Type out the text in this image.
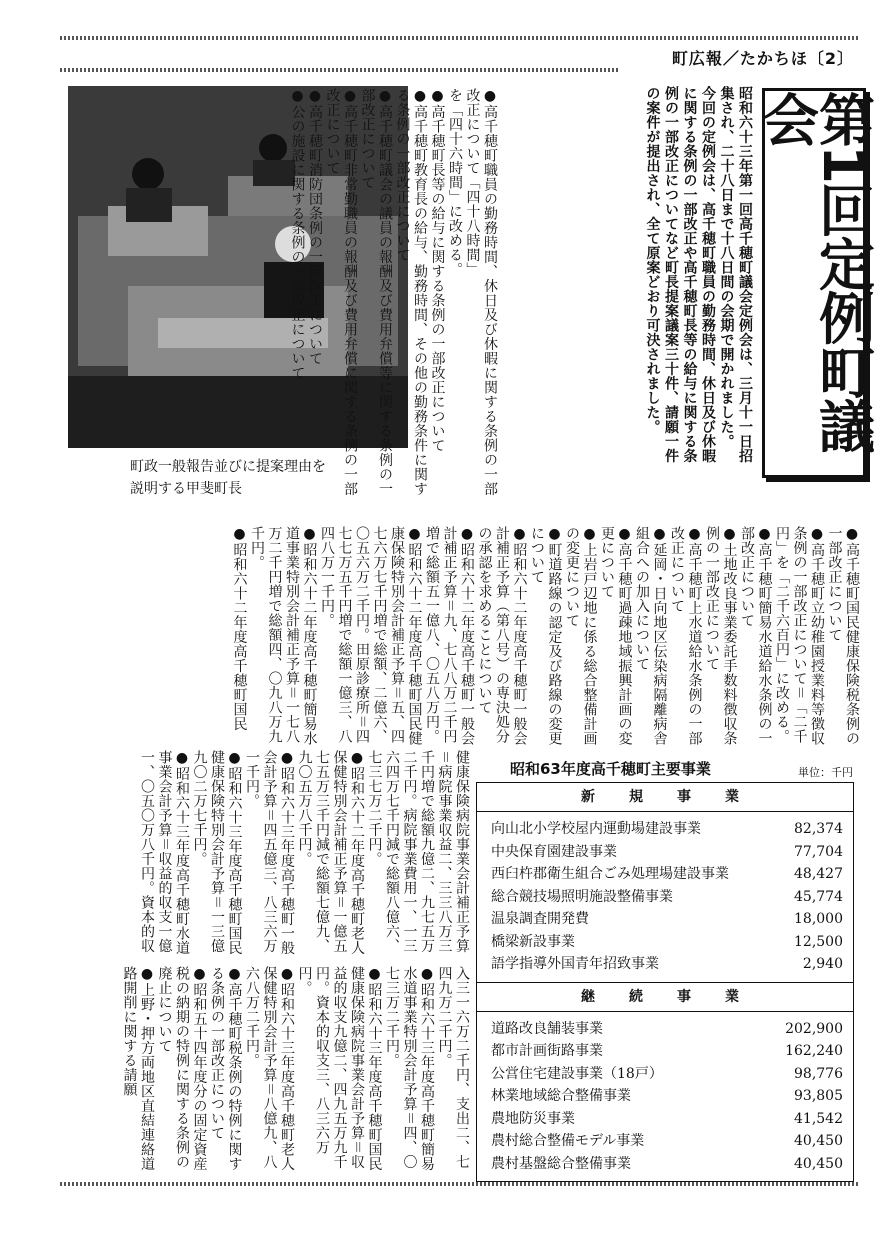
町広報／たかちほ〔2〕
第1回定例町議会
昭和六十三年第一回高千穂町議会定例会は、三月十一日招集され、二十八日まで十八日間の会期で開かれました。
今回の定例会は、高千穂町職員の勤務時間、休日及び休暇に関する条例の一部改正や高千穂町長等の給与に関する条例の一部改正についてなど町長提案議案三十件、請願一件の案件が提出され、全て原案どおり可決されました。
町政一般報告並びに提案理由を
説明する甲斐町長	●高千穂町職員の勤務時間、休日及び休暇に関する条例の一部改正について「四十八時間」
を「四十六時間」に改める。
●高千穂町長等の給与に関する条例の一部改正について
●高千穂町教育長の給与、勤務時間、その他の勤務条件に関する条例の一部改正について
●高千穂町議会の議員の報酬及び費用弁償等に関する条例の一部改正について
●高千穂町非常勤職員の報酬及び費用弁償に関する条例の一部改正について
●高千穂町消防団条例の一部改正について
●公の施設に関する条例の一部改正について
●高千穂町国民健康保険税条例の一部改正について
●高千穂町立幼稚園授業料等徴収条例の一部改正について＝「二千円」を「二千六百円」に改める。
●高千穂町簡易水道給水条例の一部改正について
●土地改良事業委託手数料徴収条例の一部改正について
●高千穂町上水道給水条例の一部改正について
●延岡・日向地区伝染病隔離病舎組合への加入について
●高千穂町過疎地域振興計画の変更について
●上岩戸辺地に係る総合整備計画の変更について
●町道路線の認定及び路線の変更について
●昭和六十二年度高千穂町一般会計補正予算（第八号）の専決処分の承認を求めることについて
●昭和六十二年度高千穂町一般会計補正予算＝九、七八八万二千円増で総額五一億八、〇五八万円。
●昭和六十二年度高千穂町国民健康保険特別会計補正予算＝五、四七六万七千円増で総額、二億六、〇五六万二千円。田原診療所＝四七七万五千円増で総額一億三、八四八万一千円。
●昭和六十二年度高千穂町簡易水道事業特別会計補正予算＝一七八万二千円増で総額四、〇九八万九千円。
●昭和六十二年度高千穂町国民
健康保険病院事業会計補正予算＝病院事業収益二、三三八万三千円増で総額九億二、九七五万二千円。病院事業費用一、一三六四万七千円減で総額八億六、七三七万二千円。
●昭和六十二年度高千穂町老人保健特別会計補正予算＝一億五七五万三千円減で総額七億九、九〇五万八千円。
●昭和六十三年度高千穂町一般会計予算＝四五億三、八三六万一千円。
●昭和六十三年度高千穂町国民健康保険特別会計予算＝一三億九〇二万七千円。
●昭和六十三年度高千穂町水道事業会計予算＝収益的収支一億一、〇五〇万八千円。資本的収
入三一六万二千円、支出二、七四九万二千円。
●昭和六十三年度高千穂町簡易水道事業特別会計予算＝四、〇七三万二千円。
●昭和六十三年度高千穂町国民健康保険病院事業会計予算＝収益的収支九億二、四九五万九千円。資本的収支三、八三六万円。
●昭和六十三年度高千穂町老人保健特別会計予算＝八億九、八六八万二千円。
●高千穂町税条例の特例に関する条例の一部改正について
●昭和五十四年度分の固定資産税の納期の特例に関する条例の廃止について
●上野・押方両地区直結連絡道路開削に関する請願
昭和63年度高千穂町主要事業	単位：千円
新　規　事　業
向山北小学校屋内運動場建設事業	82,374
中央保育園建設事業	77,704
西臼杵郡衛生組合ごみ処理場建設事業	48,427
総合競技場照明施設整備事業	45,774
温泉調査開発費	18,000
橋梁新設事業	12,500
語学指導外国青年招致事業	2,940
継　続　事　業
道路改良舗装事業	202,900
都市計画街路事業	162,240
公営住宅建設事業（18戸）	98,776
林業地域総合整備事業	93,805
農地防災事業	41,542
農村総合整備モデル事業	40,450
農村基盤総合整備事業	40,450
